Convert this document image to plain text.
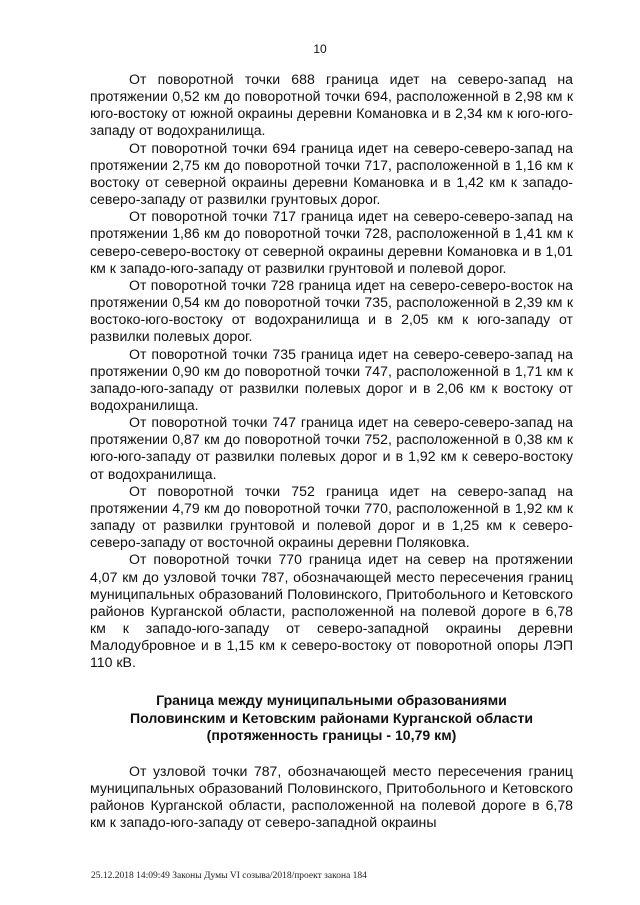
10

От поворотной точки 688 граница идет на северо-запад на протяжении 0,52 км до поворотной точки 694, расположенной в 2,98 км к юго-востоку от южной окраины деревни Комановка и в 2,34 км к юго-юго-западу от водохранилища.

От поворотной точки 694 граница идет на северо-северо-запад на протяжении 2,75 км до поворотной точки 717, расположенной в 1,16 км к востоку от северной окраины деревни Комановка и в 1,42 км к западо-северо-западу от развилки грунтовых дорог.

От поворотной точки 717 граница идет на северо-северо-запад на протяжении 1,86 км до поворотной точки 728, расположенной в 1,41 км к северо-северо-востоку от северной окраины деревни Комановка и в 1,01 км к западо-юго-западу от развилки грунтовой и полевой дорог.

От поворотной точки 728 граница идет на северо-северо-восток на протяжении 0,54 км до поворотной точки 735, расположенной в 2,39 км к востоко-юго-востоку от водохранилища и в 2,05 км к юго-западу от развилки полевых дорог.

От поворотной точки 735 граница идет на северо-северо-запад на протяжении 0,90 км до поворотной точки 747, расположенной в 1,71 км к западо-юго-западу от развилки полевых дорог и в 2,06 км к востоку от водохранилища.

От поворотной точки 747 граница идет на северо-северо-запад на протяжении 0,87 км до поворотной точки 752, расположенной в 0,38 км к юго-юго-западу от развилки полевых дорог и в 1,92 км к северо-востоку от водохранилища.

От поворотной точки 752 граница идет на северо-запад на протяжении 4,79 км до поворотной точки 770, расположенной в 1,92 км к западу от развилки грунтовой и полевой дорог и в 1,25 км к северо-северо-западу от восточной окраины деревни Поляковка.

От поворотной точки 770 граница идет на север на протяжении 4,07 км до узловой точки 787, обозначающей место пересечения границ муниципальных образований Половинского, Притобольного и Кетовского районов Курганской области, расположенной на полевой дороге в 6,78 км к западо-юго-западу от северо-западной окраины деревни Малодубровное и в 1,15 км к северо-востоку от поворотной опоры ЛЭП 110 кВ.

Граница между муниципальными образованиями
Половинским и Кетовским районами Курганской области
(протяженность границы - 10,79 км)

От узловой точки 787, обозначающей место пересечения границ муниципальных образований Половинского, Притобольного и Кетовского районов Курганской области, расположенной на полевой дороге в 6,78 км к западо-юго-западу от северо-западной окраины

25.12.2018 14:09:49 Законы Думы VI созыва/2018/проект закона 184
